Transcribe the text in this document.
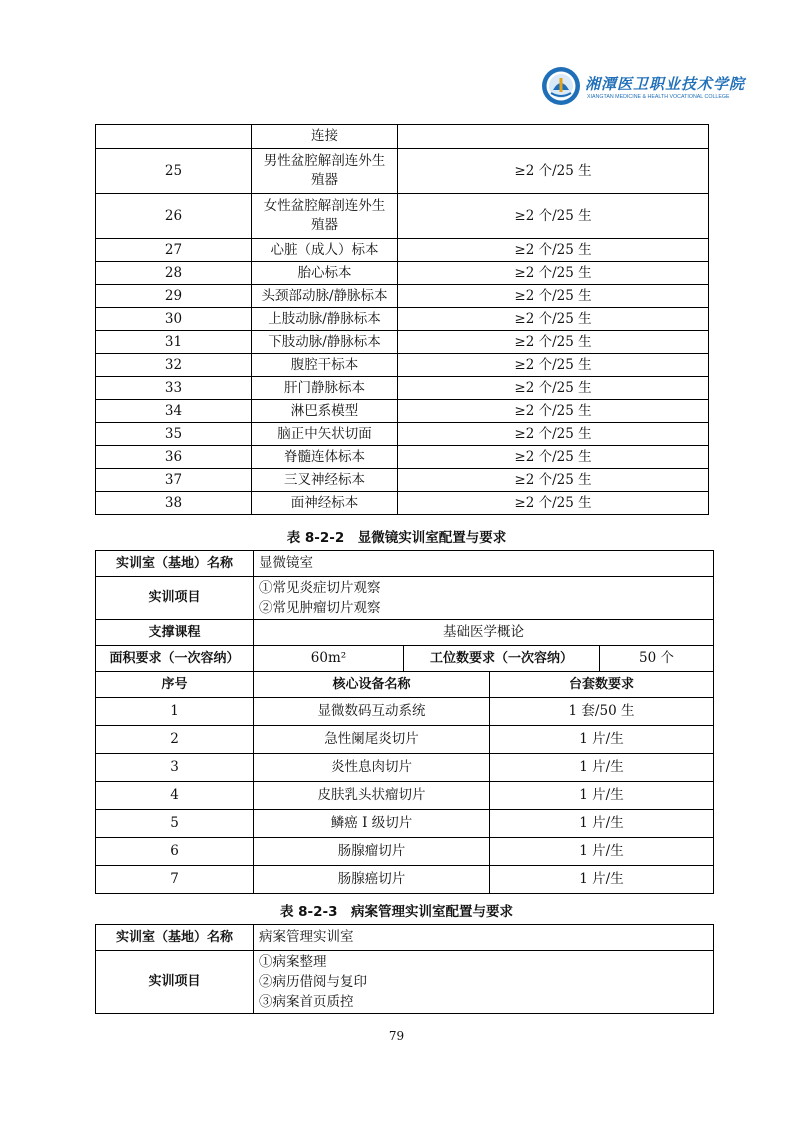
湘潭医卫职业技术学院
XIANGTAN MEDICINE & HEALTH VOCATIONAL COLLEGE
	连接	
25	男性盆腔解剖连外生殖器	≥2 个/25 生
26	女性盆腔解剖连外生殖器	≥2 个/25 生
27	心脏（成人）标本	≥2 个/25 生
28	胎心标本	≥2 个/25 生
29	头颈部动脉/静脉标本	≥2 个/25 生
30	上肢动脉/静脉标本	≥2 个/25 生
31	下肢动脉/静脉标本	≥2 个/25 生
32	腹腔干标本	≥2 个/25 生
33	肝门静脉标本	≥2 个/25 生
34	淋巴系模型	≥2 个/25 生
35	脑正中矢状切面	≥2 个/25 生
36	脊髓连体标本	≥2 个/25 生
37	三叉神经标本	≥2 个/25 生
38	面神经标本	≥2 个/25 生
表 8-2-2　显微镜实训室配置与要求
实训室（基地）名称	显微镜室			
实训项目	①常见炎症切片观察
②常见肿瘤切片观察			

支撑课程	基础医学概论			
面积要求（一次容纳）	60m²	工位数要求（一次容纳）		50 个
序号	核心设备名称		台套数要求	
1	显微数码互动系统		1 套/50 生	
2	急性阑尾炎切片		1 片/生	
3	炎性息肉切片		1 片/生	
4	皮肤乳头状瘤切片		1 片/生	
5	鳞癌 I 级切片		1 片/生	
6	肠腺瘤切片		1 片/生	
7	肠腺癌切片		1 片/生	
表 8-2-3　病案管理实训室配置与要求
实训室（基地）名称	病案管理实训室
实训项目	①病案整理
②病历借阅与复印
③病案首页质控
79
